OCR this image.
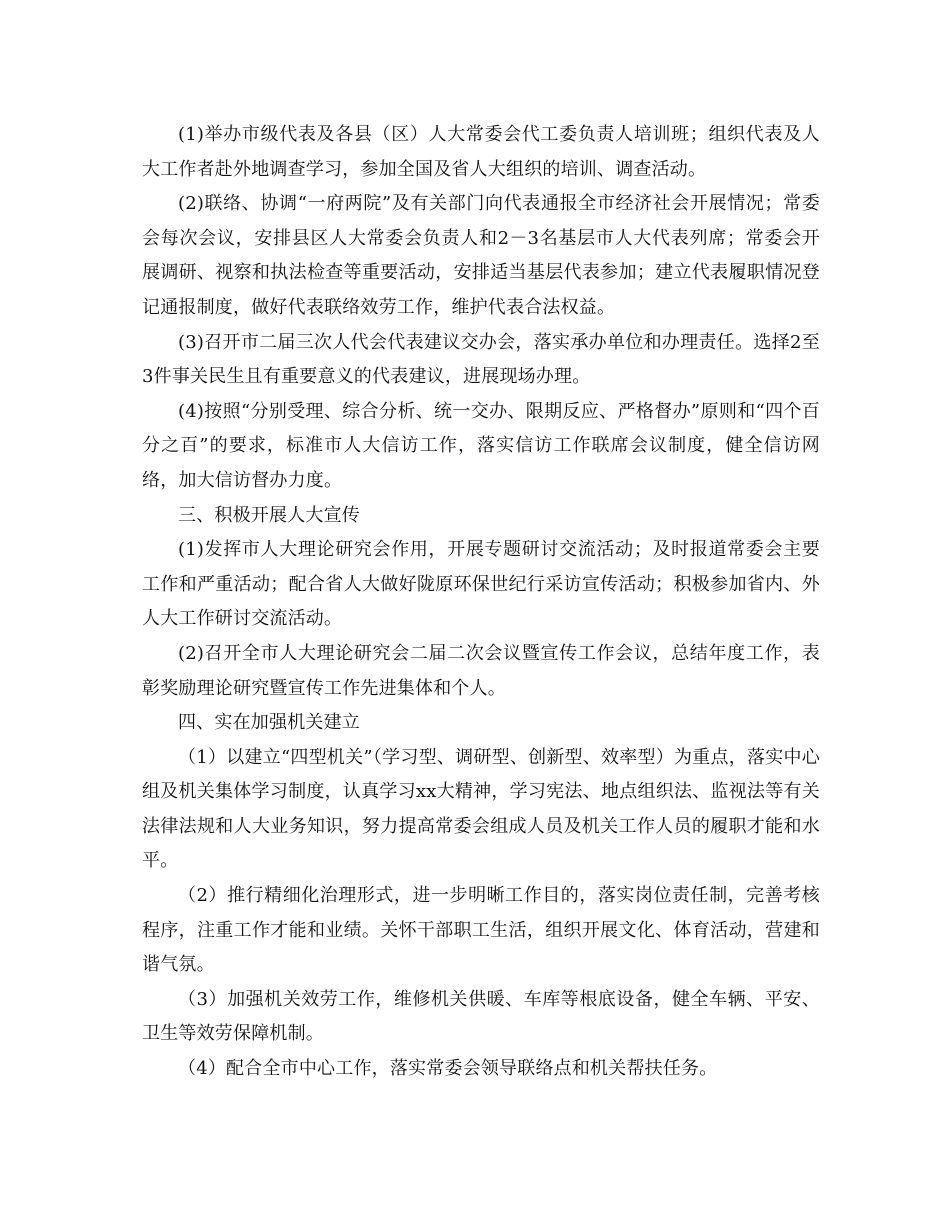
(1)举办市级代表及各县（区）人大常委会代工委负责人培训班；组织代表及人大工作者赴外地调查学习，参加全国及省人大组织的培训、调查活动。

(2)联络、协调“一府两院”及有关部门向代表通报全市经济社会开展情况；常委会每次会议，安排县区人大常委会负责人和2－3名基层市人大代表列席；常委会开展调研、视察和执法检查等重要活动，安排适当基层代表参加；建立代表履职情况登记通报制度，做好代表联络效劳工作，维护代表合法权益。

(3)召开市二届三次人代会代表建议交办会，落实承办单位和办理责任。选择2至3件事关民生且有重要意义的代表建议，进展现场办理。

(4)按照“分别受理、综合分析、统一交办、限期反应、严格督办”原则和“四个百分之百”的要求，标准市人大信访工作，落实信访工作联席会议制度，健全信访网络，加大信访督办力度。

三、积极开展人大宣传

(1)发挥市人大理论研究会作用，开展专题研讨交流活动；及时报道常委会主要工作和严重活动；配合省人大做好陇原环保世纪行采访宣传活动；积极参加省内、外人大工作研讨交流活动。

(2)召开全市人大理论研究会二届二次会议暨宣传工作会议，总结年度工作，表彰奖励理论研究暨宣传工作先进集体和个人。

四、实在加强机关建立

（1）以建立“四型机关”（学习型、调研型、创新型、效率型）为重点，落实中心组及机关集体学习制度，认真学习xx大精神，学习宪法、地点组织法、监视法等有关法律法规和人大业务知识，努力提高常委会组成人员及机关工作人员的履职才能和水平。

（2）推行精细化治理形式，进一步明晰工作目的，落实岗位责任制，完善考核程序，注重工作才能和业绩。关怀干部职工生活，组织开展文化、体育活动，营建和谐气氛。

（3）加强机关效劳工作，维修机关供暖、车库等根底设备，健全车辆、平安、卫生等效劳保障机制。

（4）配合全市中心工作，落实常委会领导联络点和机关帮扶任务。
